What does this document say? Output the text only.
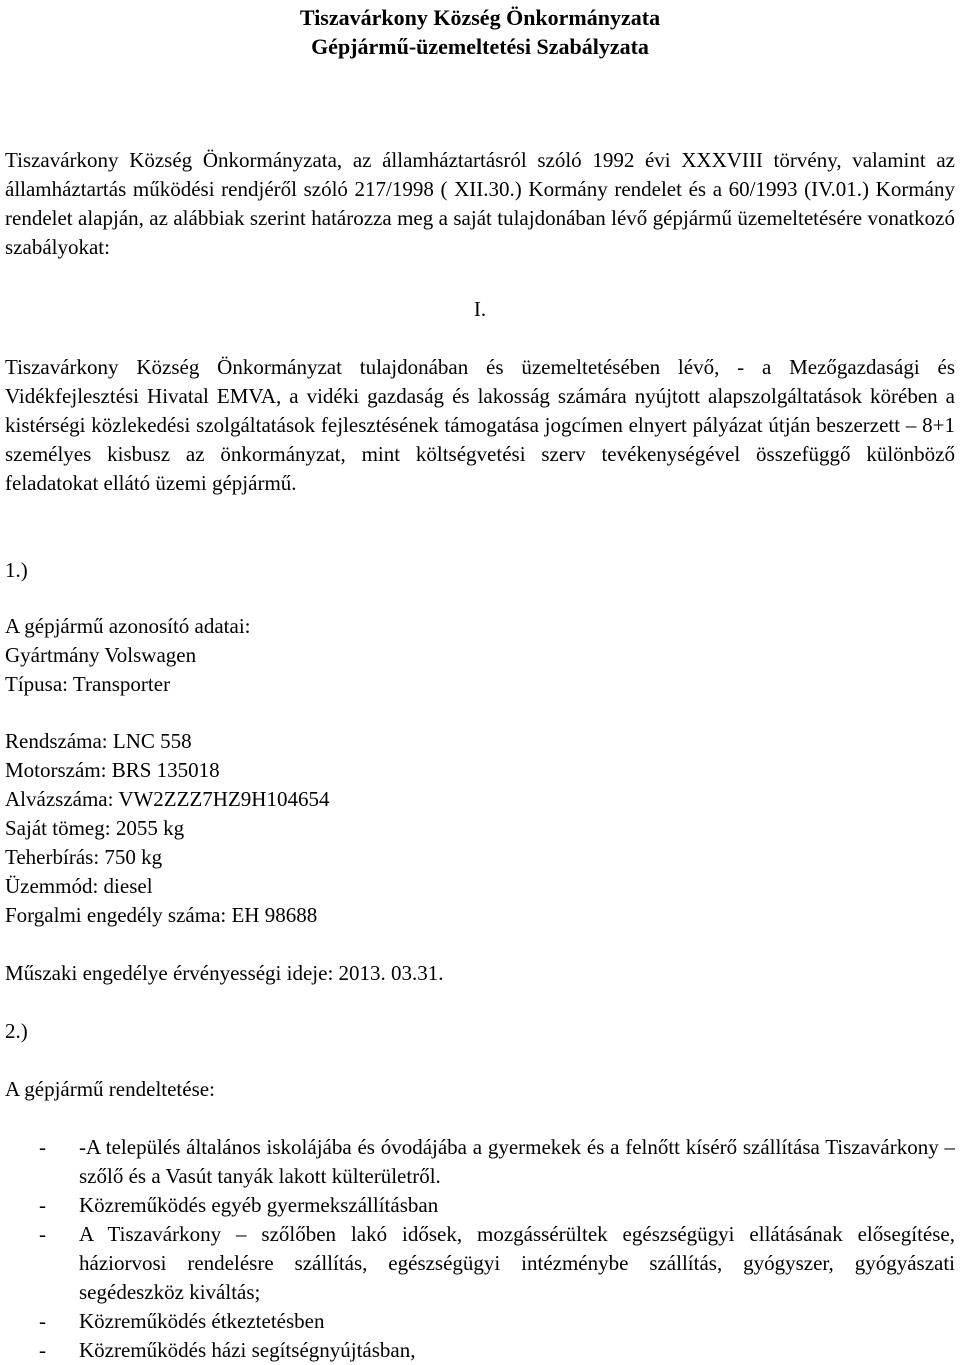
Tiszavárkony Község Önkormányzata
Gépjármű-üzemeltetési Szabályzata
Tiszavárkony Község Önkormányzata, az államháztartásról szóló 1992 évi XXXVIII törvény, valamint az államháztartás működési rendjéről szóló 217/1998 ( XII.30.) Kormány rendelet és a 60/1993 (IV.01.) Kormány rendelet alapján, az alábbiak szerint határozza meg a saját tulajdonában lévő gépjármű üzemeltetésére vonatkozó szabályokat:
I.
Tiszavárkony Község Önkormányzat tulajdonában és üzemeltetésében lévő, - a Mezőgazdasági és Vidékfejlesztési Hivatal EMVA, a vidéki gazdaság és lakosság számára nyújtott alapszolgáltatások körében a kistérségi közlekedési szolgáltatások fejlesztésének támogatása jogcímen elnyert pályázat útján beszerzett – 8+1 személyes kisbusz az önkormányzat, mint költségvetési szerv tevékenységével összefüggő különböző feladatokat ellátó üzemi gépjármű.
1.)
A gépjármű azonosító adatai:
Gyártmány Volswagen
Típusa: Transporter
Rendszáma: LNC 558
Motorszám: BRS 135018
Alvázszáma: VW2ZZZ7HZ9H104654
Saját tömeg: 2055 kg
Teherbírás: 750 kg
Üzemmód: diesel
Forgalmi engedély száma: EH 98688
Műszaki engedélye érvényességi ideje: 2013. 03.31.
2.)
A gépjármű rendeltetése:
- -A település általános iskolájába és óvodájába a gyermekek és a felnőtt kísérő szállítása Tiszavárkony –szőlő és a Vasút tanyák lakott külterületről.
- Közreműködés egyéb gyermekszállításban
- A Tiszavárkony – szőlőben lakó idősek, mozgássérültek egészségügyi ellátásának elősegítése, háziorvosi rendelésre szállítás, egészségügyi intézménybe szállítás, gyógyszer, gyógyászati segédeszköz kiváltás;
- Közreműködés étkeztetésben
- Közreműködés házi segítségnyújtásban,
